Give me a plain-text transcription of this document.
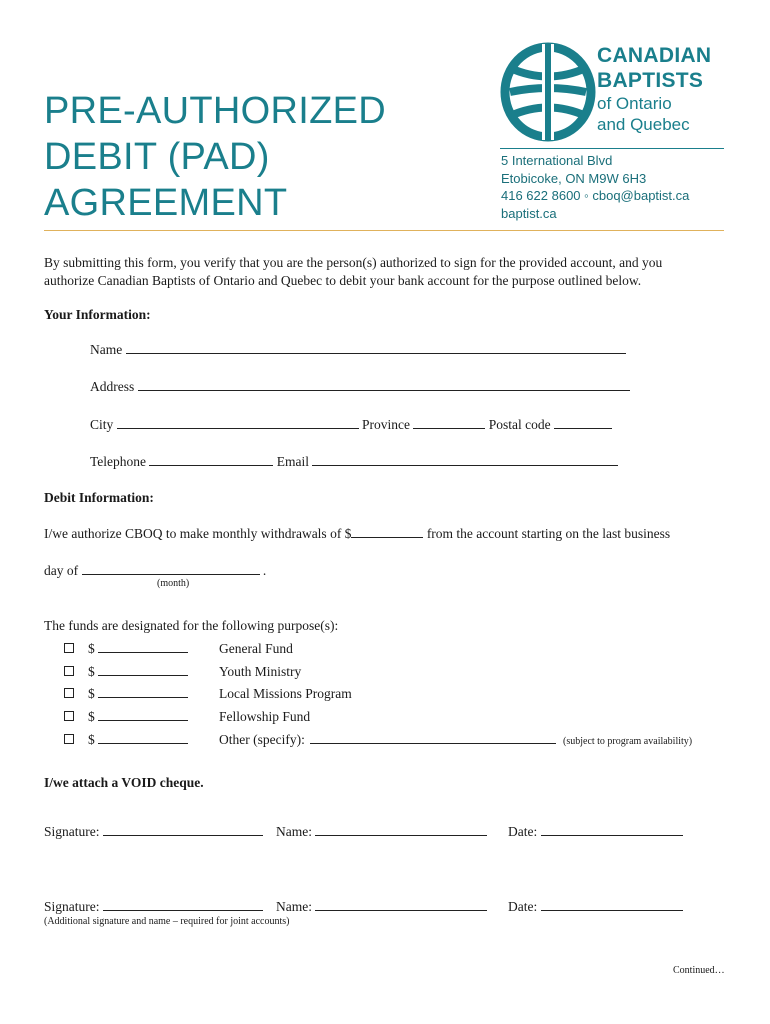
PRE-AUTHORIZED
DEBIT (PAD)
AGREEMENT
CANADIAN
BAPTISTS
of Ontario
and Quebec
5 International Blvd
Etobicoke, ON M9W 6H3
416 622 8600 ◦ cboq@baptist.ca
baptist.ca
By submitting this form, you verify that you are the person(s) authorized to sign for the provided account, and you
authorize Canadian Baptists of Ontario and Quebec to debit your bank account for the purpose outlined below.
Your Information:
Name
Address
City	Province	Postal code
Telephone	Email
Debit Information:
I/we authorize CBOQ to make monthly withdrawals of $	from the account starting on the last business
day of	.
(month)
The funds are designated for the following purpose(s):
$	General Fund
$	Youth Ministry
$	Local Missions Program
$	Fellowship Fund
$	Other (specify):	(subject to program availability)
I/we attach a VOID cheque.
Signature:	Name:	Date:
Signature:	Name:	Date:
(Additional signature and name – required for joint accounts)
Continued…
